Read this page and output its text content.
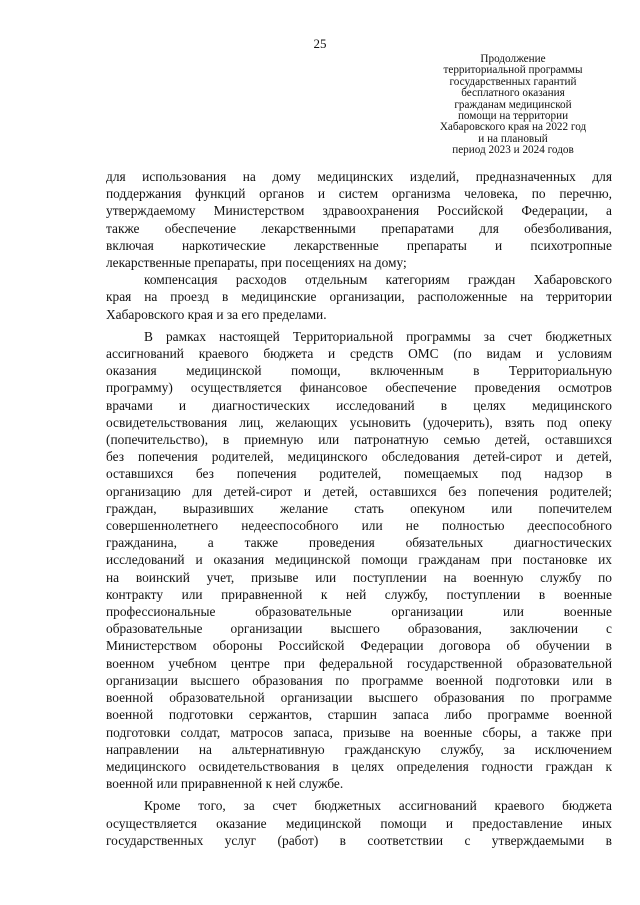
25
Продолжение
территориальной программы
государственных гарантий
бесплатного оказания
гражданам медицинской
помощи на территории
Хабаровского края на 2022 год
и на плановый
период 2023 и 2024 годов
для использования на дому медицинских изделий, предназначенных для
поддержания функций органов и систем организма человека, по перечню,
утверждаемому Министерством здравоохранения Российской Федерации, а
также обеспечение лекарственными препаратами для обезболивания,
включая наркотические лекарственные препараты и психотропные
лекарственные препараты, при посещениях на дому;
компенсация расходов отдельным категориям граждан Хабаровского
края на проезд в медицинские организации, расположенные на территории
Хабаровского края и за его пределами.
В рамках настоящей Территориальной программы за счет бюджетных
ассигнований краевого бюджета и средств ОМС (по видам и условиям
оказания медицинской помощи, включенным в Территориальную
программу) осуществляется финансовое обеспечение проведения осмотров
врачами и диагностических исследований в целях медицинского
освидетельствования лиц, желающих усыновить (удочерить), взять под опеку
(попечительство), в приемную или патронатную семью детей, оставшихся
без попечения родителей, медицинского обследования детей-сирот и детей,
оставшихся без попечения родителей, помещаемых под надзор в
организацию для детей-сирот и детей, оставшихся без попечения родителей;
граждан, выразивших желание стать опекуном или попечителем
совершеннолетнего недееспособного или не полностью дееспособного
гражданина, а также проведения обязательных диагностических
исследований и оказания медицинской помощи гражданам при постановке их
на воинский учет, призыве или поступлении на военную службу по
контракту или приравненной к ней службу, поступлении в военные
профессиональные образовательные организации или военные
образовательные организации высшего образования, заключении с
Министерством обороны Российской Федерации договора об обучении в
военном учебном центре при федеральной государственной образовательной
организации высшего образования по программе военной подготовки или в
военной образовательной организации высшего образования по программе
военной подготовки сержантов, старшин запаса либо программе военной
подготовки солдат, матросов запаса, призыве на военные сборы, а также при
направлении на альтернативную гражданскую службу, за исключением
медицинского освидетельствования в целях определения годности граждан к
военной или приравненной к ней службе.
Кроме того, за счет бюджетных ассигнований краевого бюджета
осуществляется оказание медицинской помощи и предоставление иных
государственных услуг (работ) в соответствии с утверждаемыми в
